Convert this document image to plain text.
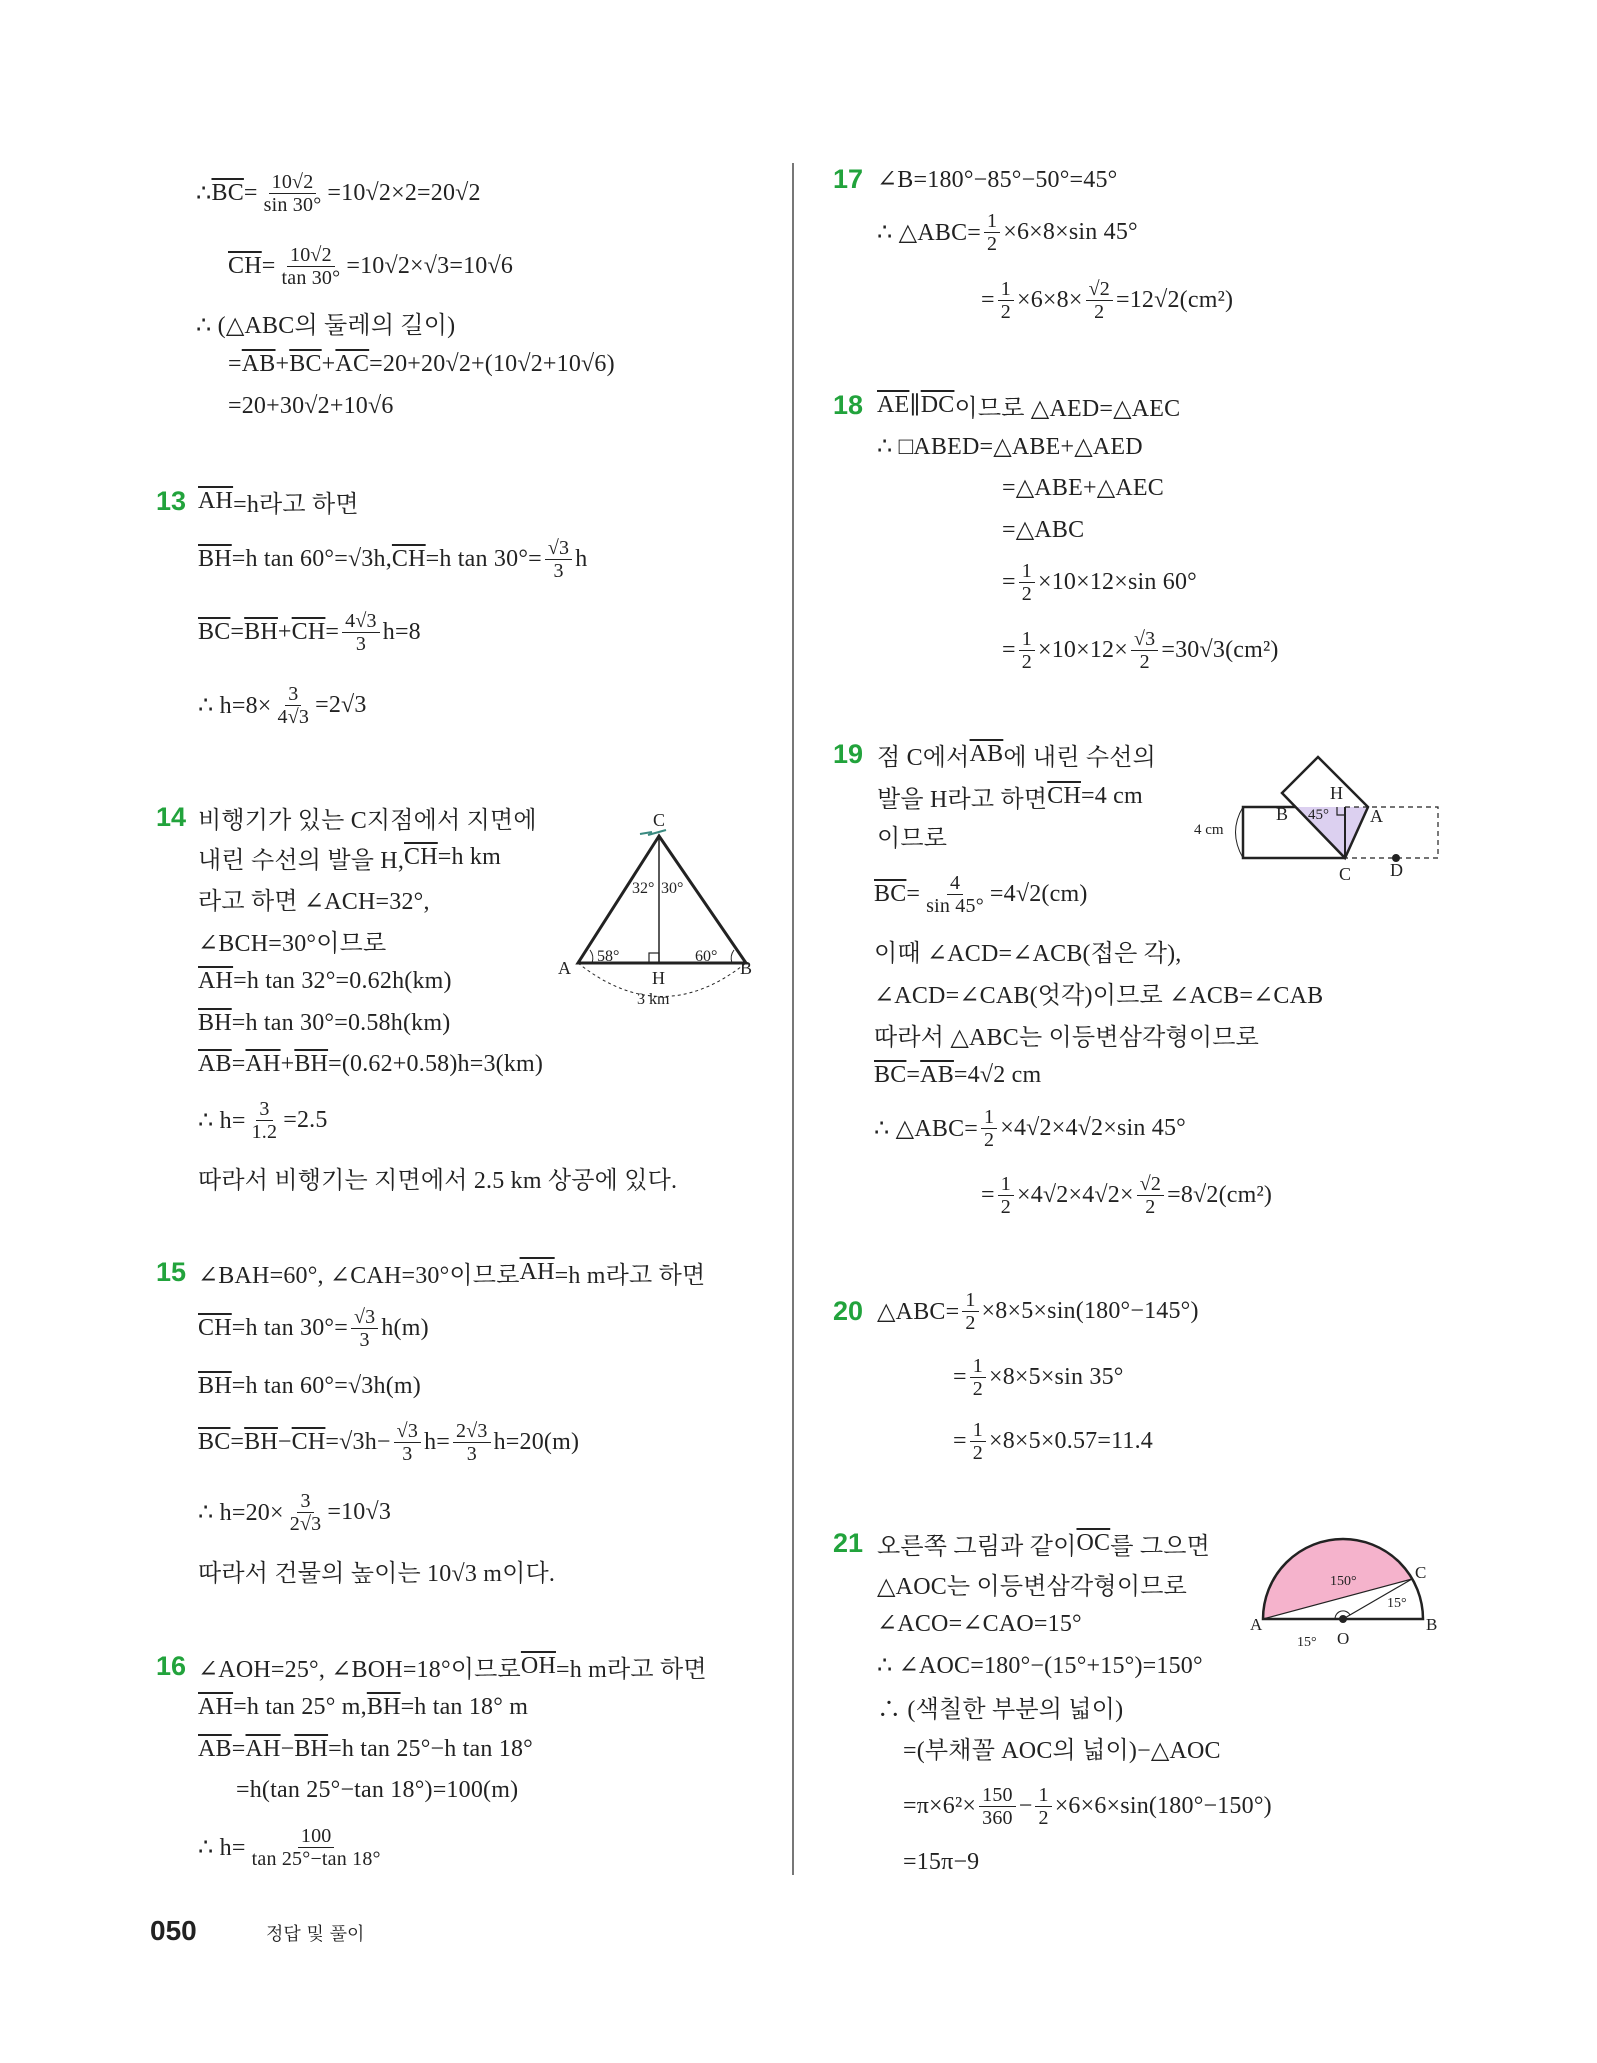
∴ $\overline{BC} = 10√2$
sin 30° =10√2×2=20√2
$\overline{CH} = 10√2$
tan 30° =10√2×√3=10√6
∴ (△ABC의 둘레의 길이)
= $\overline{AB} + \overline{BC} + \overline{AC} =20+20√2+(10√2+10√6)$
=20+30√2+10√6
13 $\overline{AH} =h$라고 하면
$\overline{BH} =h$ tan 60°=√3h, $\overline{CH} =h$ tan 30°= √3
3 h
$\overline{BC} = \overline{BH} + \overline{CH} = 4√3$
3 h=8
∴ h=8× 3
4√3 =2√3
14 비행기가 있는 C지점에서 지면에
내린 수선의 발을 H, $\overline{CH} =h$ km
라고 하면 ∠ACH=32°,
∠BCH=30°이므로
$\overline{AH} =h$ tan 32°=0.62h(km)
$\overline{BH} =h$ tan 30°=0.58h(km)
$\overline{AB} = \overline{AH} + \overline{BH} =(0.62+0.58)h=3(km)$
∴ h= 3
1.2 =2.5
따라서 비행기는 지면에서 2.5 km 상공에 있다.
15 ∠BAH=60°, ∠CAH=30°이므로 $\overline{AH} =h$ m라고 하면
$\overline{CH} =h$ tan 30°= √3
3 h(m)
$\overline{BH} =h$ tan 60°=√3h(m)
$\overline{BC} = \overline{BH} - \overline{CH} =√3h- √3$
3 h= 2√3
3 h=20(m)
∴ h=20× 3
2√3 =10√3
따라서 건물의 높이는 10√3 m이다.
16 ∠AOH=25°, ∠BOH=18°이므로 $\overline{OH} =h$ m라고 하면
$\overline{AH} =h$ tan 25° m, $\overline{BH} =h$ tan 18° m
$\overline{AB} = \overline{AH} - \overline{BH} =h$ tan 25°−h tan 18°
=h(tan 25°−tan 18°)=100(m)
∴ h=	100
tan 25°−tan 18°
17 ∠B=180°−85°−50°=45°
∴ △ABC= 1
2 ×6×8×sin 45°
= 1
2 ×6×8× √2
2 =12√2(cm²)
18 $\overline{AE}$ ∥ $\overline{DC}$ 이므로 △AED=△AEC
∴ □ABED=△ABE+△AED
=△ABE+△AEC
=△ABC
= 1
2 ×10×12×sin 60°
= 1
2 ×10×12× √3
2 =30√3(cm²)
19 점 C에서 $\overline{AB}$ 에 내린 수선의
발을 H라고 하면 $\overline{CH} =4$ cm
이므로
$\overline{BC} = 4$
sin 45° =4√2(cm)
이때 ∠ACD=∠ACB(접은 각),
∠ACD=∠CAB(엇각)이므로 ∠ACB=∠CAB
따라서 △ABC는 이등변삼각형이므로
$\overline{BC} = \overline{AB} =4√2$ cm
∴ △ABC= 1
2 ×4√2×4√2×sin 45°
= 1
2 ×4√2×4√2× √2
2 =8√2(cm²)
20 △ABC= 1
2 ×8×5×sin(180°−145°)
= 1
2 ×8×5×sin 35°
= 1
2 ×8×5×0.57=11.4
21 오른쪽 그림과 같이 $\overline{OC}$ 를 그으면
△AOC는 이등변삼각형이므로
∠ACO=∠CAO=15°
∴ ∠AOC=180°−(15°+15°)=150°
∴ (색칠한 부분의 넓이)
=(부채꼴 AOC의 넓이)−△AOC
=π×6²× 150
360 − 1
2 ×6×6×sin(180°−150°)
=15π−9
050	정답 및 풀이
C
A	B
H
3 km
32° 30°
58°	60°
B	A
C D
H
45°
4 cm
A	B
C
O
150°
15°
15°
